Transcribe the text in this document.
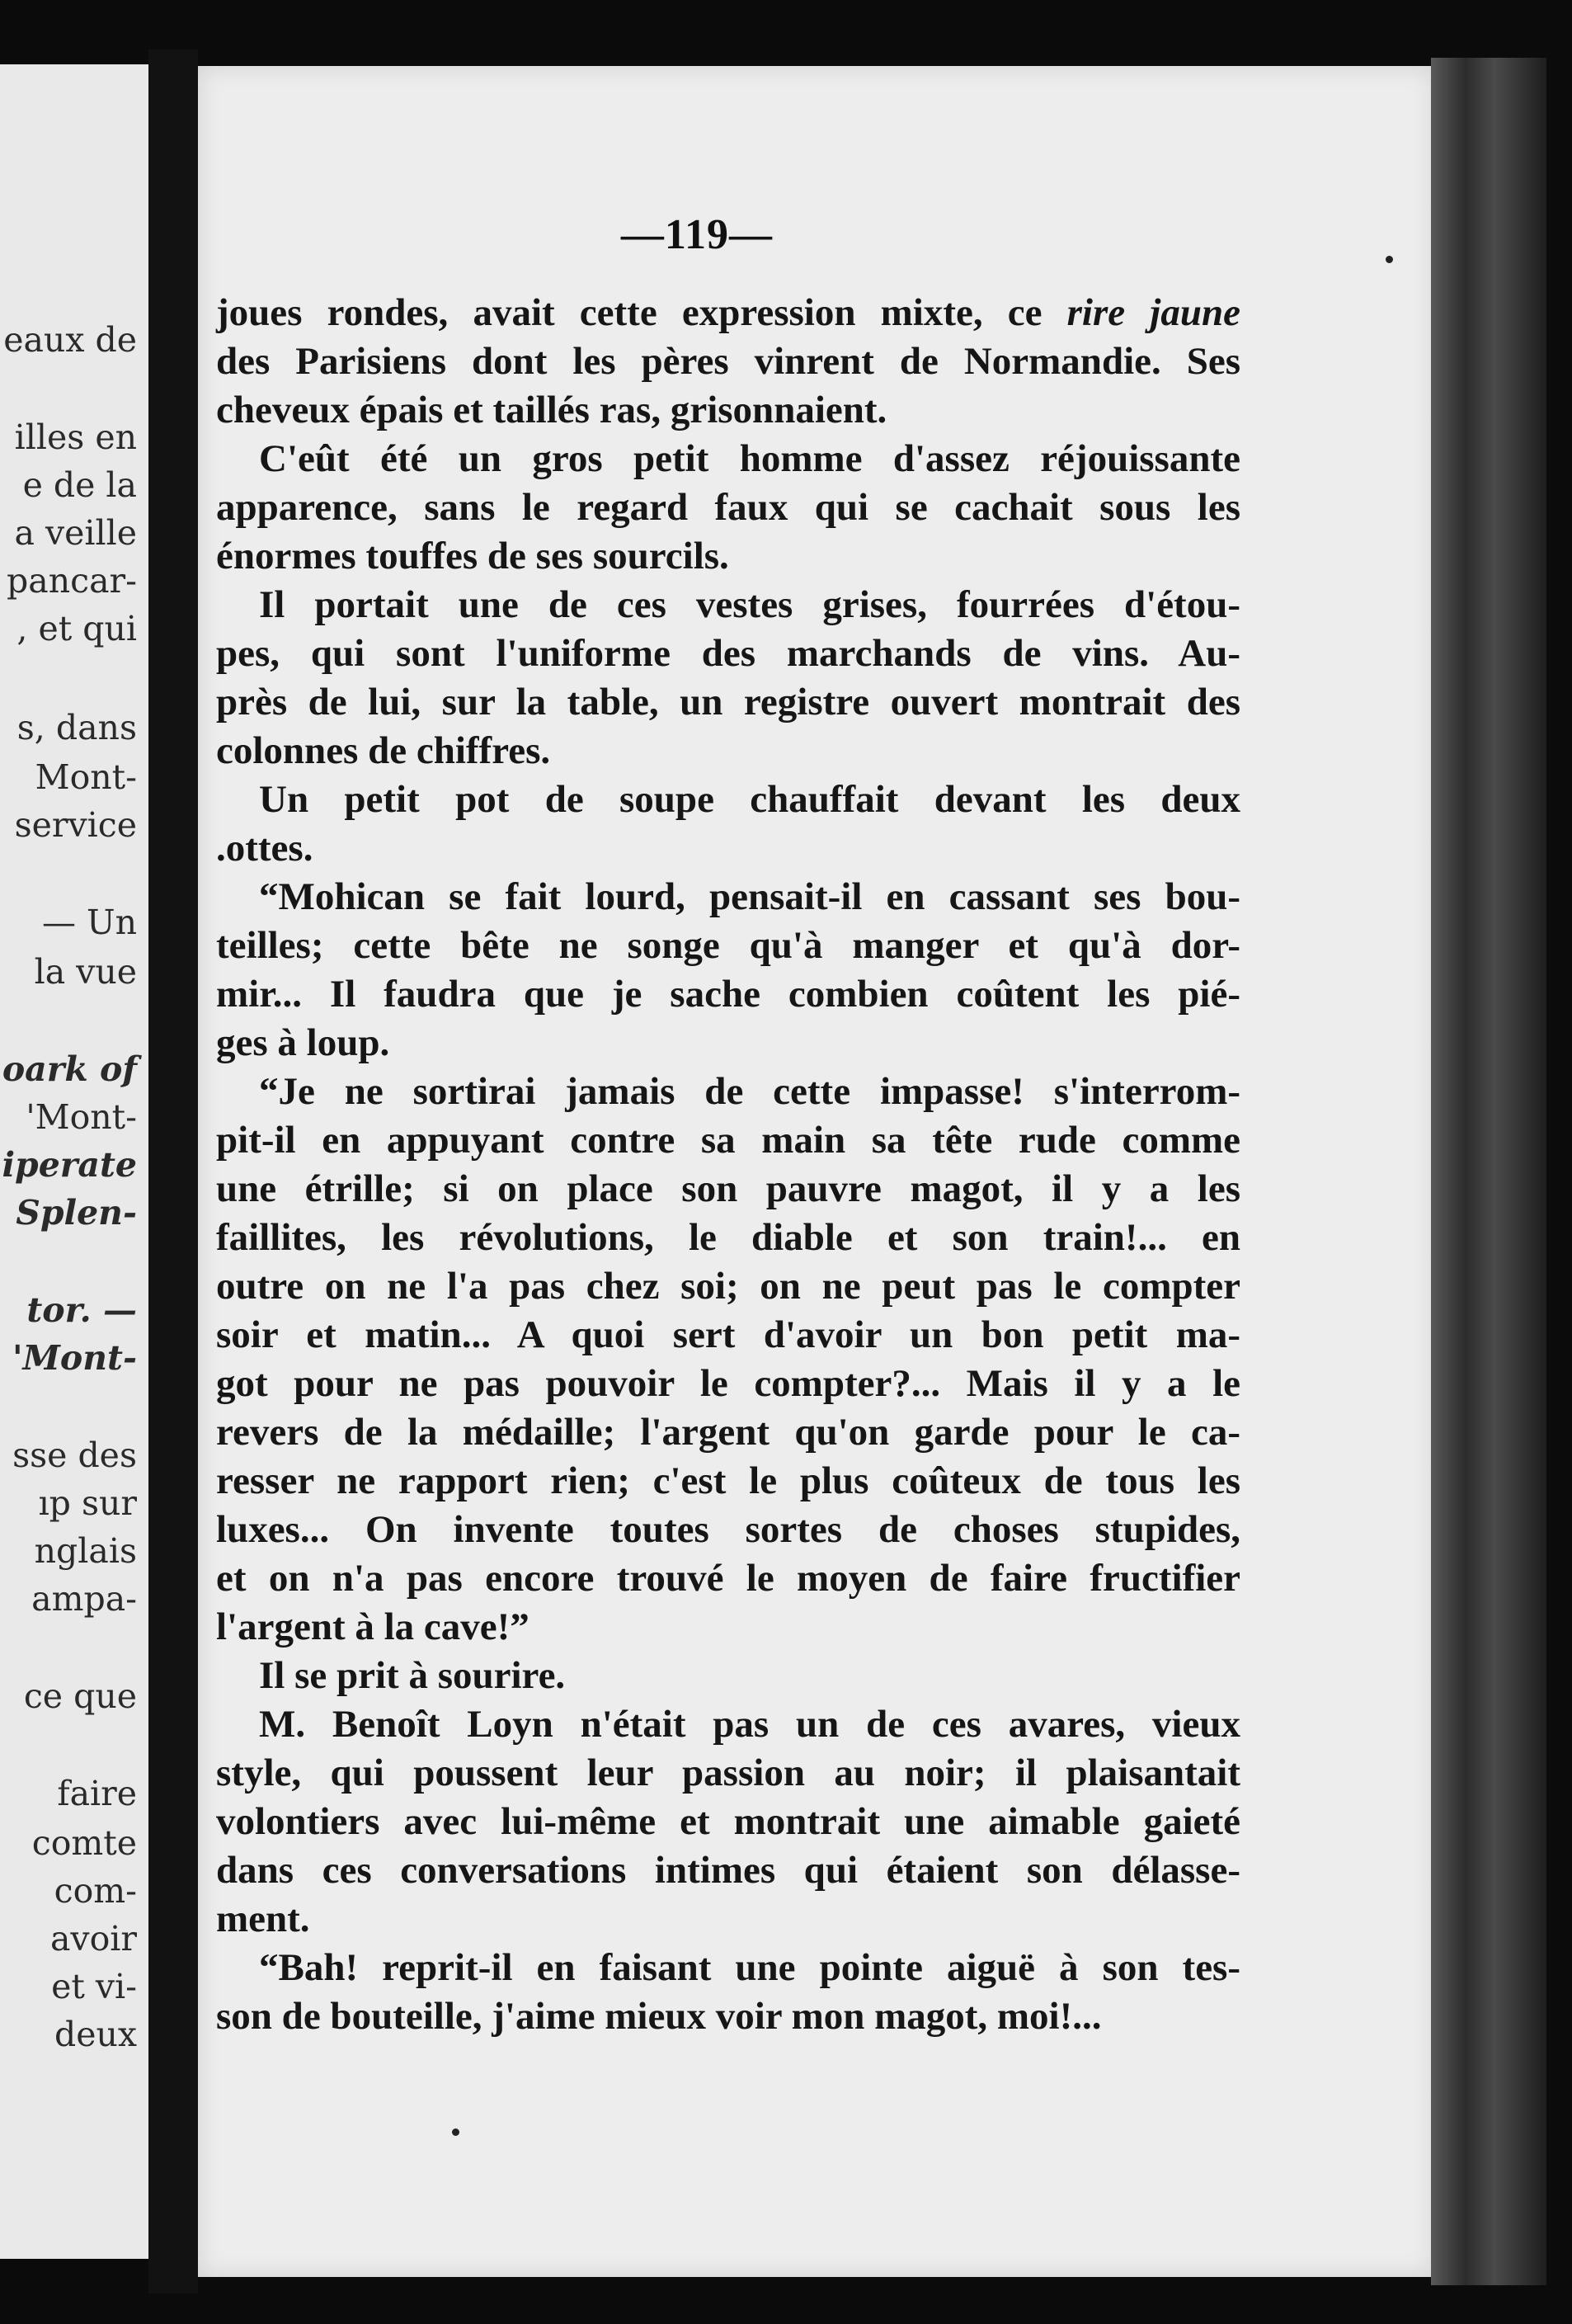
eaux de
illes en
e de la
a veille
pancar-
, et qui
s, dans
Mont-
service
— Un
la vue
oark of
'Mont-
iperate
Splen-
tor. —
'Mont-
sse des
ıp sur
nglais
ampa-
ce que
faire
comte
com-
avoir
et vi-
deux
—119—

joues rondes, avait cette expression mixte, ce rire jaune

des Parisiens dont les pères vinrent de Normandie. Ses

cheveux épais et taillés ras, grisonnaient.

C'eût été un gros petit homme d'assez réjouissante

apparence, sans le regard faux qui se cachait sous les

énormes touffes de ses sourcils.

Il portait une de ces vestes grises, fourrées d'étou-

pes, qui sont l'uniforme des marchands de vins. Au-

près de lui, sur la table, un registre ouvert montrait des

colonnes de chiffres.

Un petit pot de soupe chauffait devant les deux

.ottes.

“Mohican se fait lourd, pensait-il en cassant ses bou-

teilles; cette bête ne songe qu'à manger et qu'à dor-

mir... Il faudra que je sache combien coûtent les pié-

ges à loup.

“Je ne sortirai jamais de cette impasse! s'interrom-

pit-il en appuyant contre sa main sa tête rude comme

une étrille; si on place son pauvre magot, il y a les

faillites, les révolutions, le diable et son train!... en

outre on ne l'a pas chez soi; on ne peut pas le compter

soir et matin... A quoi sert d'avoir un bon petit ma-

got pour ne pas pouvoir le compter?... Mais il y a le

revers de la médaille; l'argent qu'on garde pour le ca-

resser ne rapport rien; c'est le plus coûteux de tous les

luxes... On invente toutes sortes de choses stupides,

et on n'a pas encore trouvé le moyen de faire fructifier

l'argent à la cave!”

Il se prit à sourire.

M. Benoît Loyn n'était pas un de ces avares, vieux

style, qui poussent leur passion au noir; il plaisantait

volontiers avec lui-même et montrait une aimable gaieté

dans ces conversations intimes qui étaient son délasse-

ment.

“Bah! reprit-il en faisant une pointe aiguë à son tes-

son de bouteille, j'aime mieux voir mon magot, moi!...
